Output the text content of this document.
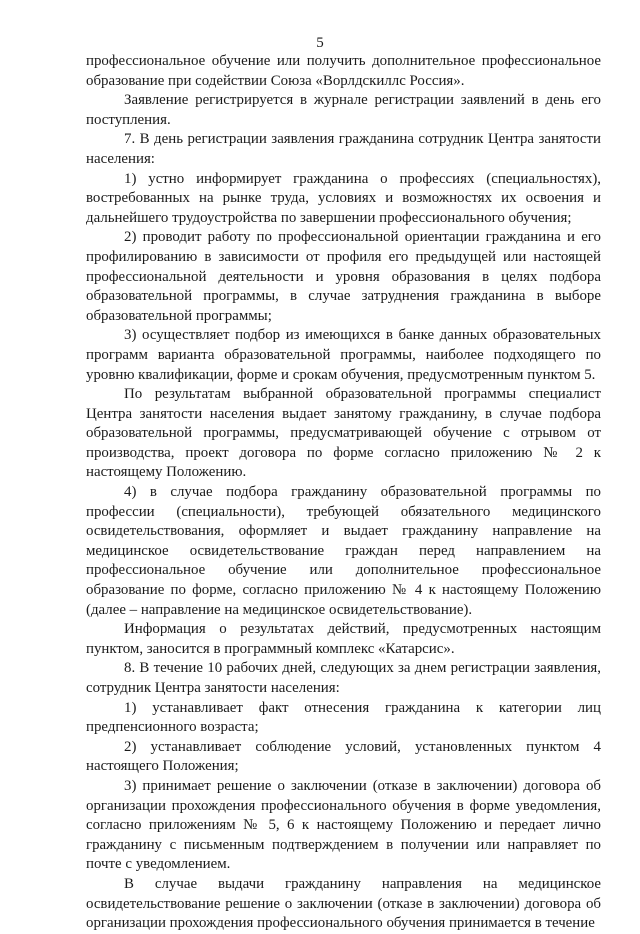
5

профессиональное обучение или получить дополнительное профессиональное образование при содействии Союза «Ворлдскиллс Россия».

Заявление регистрируется в журнале регистрации заявлений в день его поступления.

7. В день регистрации заявления гражданина сотрудник Центра занятости населения:

1) устно информирует гражданина о профессиях (специальностях), востребованных на рынке труда, условиях и возможностях их освоения и дальнейшего трудоустройства по завершении профессионального обучения;

2) проводит работу по профессиональной ориентации гражданина и его профилированию в зависимости от профиля его предыдущей или настоящей профессиональной деятельности и уровня образования в целях подбора образовательной программы, в случае затруднения гражданина в выборе образовательной программы;

3) осуществляет подбор из имеющихся в банке данных образовательных программ варианта образовательной программы, наиболее подходящего по уровню квалификации, форме и срокам обучения, предусмотренным пунктом 5.

По результатам выбранной образовательной программы специалист Центра занятости населения выдает занятому гражданину, в случае подбора образовательной программы, предусматривающей обучение с отрывом от производства, проект договора по форме согласно приложению № 2 к настоящему Положению.

4) в случае подбора гражданину образовательной программы по профессии (специальности), требующей обязательного медицинского освидетельствования, оформляет и выдает гражданину направление на медицинское освидетельствование граждан перед направлением на профессиональное обучение или дополнительное профессиональное образование по форме, согласно приложению № 4 к настоящему Положению (далее – направление на медицинское освидетельствование).

Информация о результатах действий, предусмотренных настоящим пунктом, заносится в программный комплекс «Катарсис».

8. В течение 10 рабочих дней, следующих за днем регистрации заявления, сотрудник Центра занятости населения:

1) устанавливает факт отнесения гражданина к категории лиц предпенсионного возраста;

2) устанавливает соблюдение условий, установленных пунктом 4 настоящего Положения;

3) принимает решение о заключении (отказе в заключении) договора об организации прохождения профессионального обучения в форме уведомления, согласно приложениям № 5, 6 к настоящему Положению и передает лично гражданину с письменным подтверждением в получении или направляет по почте с уведомлением.

В случае выдачи гражданину направления на медицинское освидетельствование решение о заключении (отказе в заключении) договора об организации прохождения профессионального обучения принимается в течение
